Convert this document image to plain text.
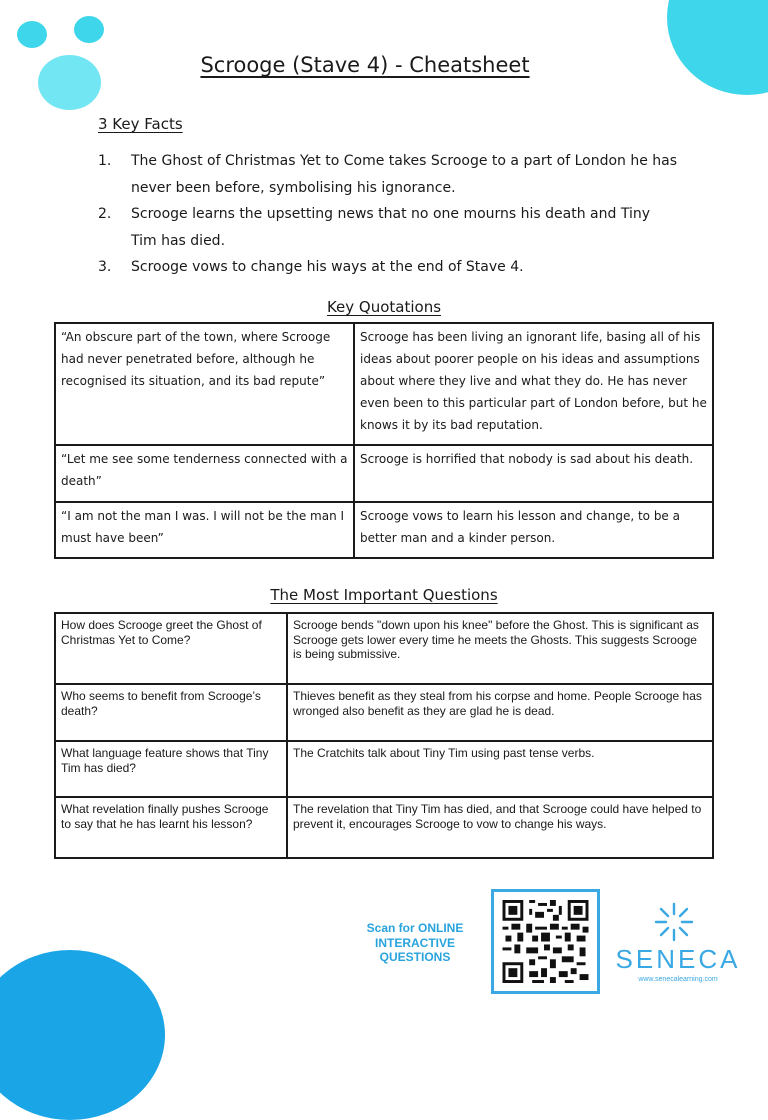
Scrooge (Stave 4) - Cheatsheet
3 Key Facts
1.	The Ghost of Christmas Yet to Come takes Scrooge to a part of London he has never been before, symbolising his ignorance.
2.	Scrooge learns the upsetting news that no one mourns his death and Tiny Tim has died.
3.	Scrooge vows to change his ways at the end of Stave 4.
Key Quotations
“An obscure part of the town, where Scrooge had never penetrated before, although he recognised its situation, and its bad repute”	Scrooge has been living an ignorant life, basing all of his ideas about poorer people on his ideas and assumptions about where they live and what they do. He has never even been to this particular part of London before, but he knows it by its bad reputation.
“Let me see some tenderness connected with a death”	Scrooge is horrified that nobody is sad about his death.
“I am not the man I was. I will not be the man I must have been”	Scrooge vows to learn his lesson and change, to be a better man and a kinder person.
The Most Important Questions
How does Scrooge greet the Ghost of Christmas Yet to Come?	Scrooge bends "down upon his knee" before the Ghost. This is significant as Scrooge gets lower every time he meets the Ghosts. This suggests Scrooge is being submissive.
Who seems to benefit from Scrooge’s death?	Thieves benefit as they steal from his corpse and home. People Scrooge has wronged also benefit as they are glad he is dead.
What language feature shows that Tiny Tim has died?	The Cratchits talk about Tiny Tim using past tense verbs.
What revelation finally pushes Scrooge to say that he has learnt his lesson?	The revelation that Tiny Tim has died, and that Scrooge could have helped to prevent it, encourages Scrooge to vow to change his ways.
Scan for ONLINE
INTERACTIVE
QUESTIONS	SENECA
www.senecalearning.com
